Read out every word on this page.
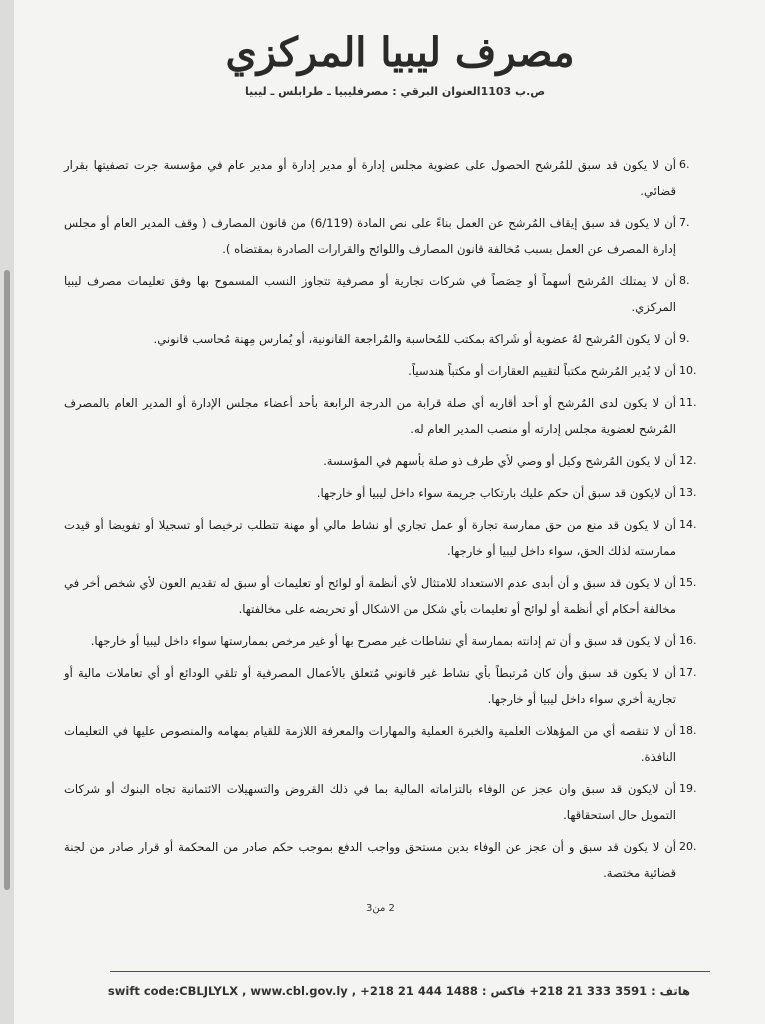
مصرف ليبيا المركزي
ص.ب 1103العنوان البرقي : مصرفليبيا ـ طرابلس ـ ليبيا
6.
أن لا يكون قد سبق للمُرشح الحصول على عضوية مجلس إدارة أو مدير إدارة أو مدير عام في مؤسسة جرت تصفيتها بقرار قضائي.
7.
أن لا يكون قد سبق إيقاف المُرشح عن العمل بناءً على نص المادة (6/119) من قانون المصارف ( وقف المدير العام أو مجلس إدارة المصرف عن العمل بسبب مُخالفة قانون المصارف واللوائح والقرارات الصادرة بمقتضاه ).
8.
أن لا يمتلك المُرشح أسهماً أو حِصَصاً في شركات تجارية أو مصرفية تتجاوز النسب المسموح بها وفق تعليمات مصرف ليبيا المركزي.
9.
أن لا يكون المُرشح لهُ عضوية أو شَراكة بمكتب للمُحاسبة والمُراجعة القانونية، أو يُمارس مِهنة مُحاسب قانوني.
10.
أن لا يُدير المُرشح مكتباً لتقييم العقارات أو مكتباً هندسياً.
11.
أن لا يكون لدى المُرشح أو أحد أقاربه أي صلة قرابة من الدرجة الرابعة بأحد أعضاء مجلس الإدارة أو المدير العام بالمصرف المُرشح لعضوية مجلس إدارته أو منصب المدير العام له.
12.
أن لا يكون المُرشح وكيل أو وصي لأي طرف ذو صلة بأسهم في المؤسسة.
13.
أن لايكون قد سبق أن حكم عليك بارتكاب جريمة سواء داخل ليبيا أو خارجها.
14.
أن لا يكون قد منع من حق ممارسة تجارة أو عمل تجاري أو نشاط مالي أو مهنة تتطلب ترخيصا أو تسجيلا أو تفويضا أو قيدت ممارسته لذلك الحق، سواء داخل ليبيا أو خارجها.
15.
أن لا يكون قد سبق و أن أبدى عدم الاستعداد للامتثال لأي أنظمة أو لوائح أو تعليمات أو سبق له تقديم العون لأي شخص أخر في مخالفة أحكام أي أنظمة أو لوائح أو تعليمات بأي شكل من الاشكال أو تحريضه على مخالفتها.
16.
أن لا يكون قد سبق و أن تم إدانته بممارسة أي نشاطات غير مصرح بها أو غير مرخص بممارستها سواء داخل ليبيا أو خارجها.
17.
أن لا يكون قد سبق وأن كان مُرتبطاً بأي نشاط غير قانوني مُتعلق بالأعمال المصرفية أو تلقي الودائع أو أي تعاملات مالية أو تجارية أخري سواء داخل ليبيا أو خارجها.
18.
أن لا تنقصه أي من المؤهلات العلمية والخبرة العملية والمهارات والمعرفة اللازمة للقيام بمهامه والمنصوص عليها في التعليمات النافذة.
19.
أن لايكون قد سبق وان عجز عن الوفاء بالتزاماته المالية بما في ذلك القروض والتسهيلات الائتمانية تجاه البنوك أو شركات التمويل حال استحقاقها.
20.
أن لا يكون قد سبق و أن عجز عن الوفاء بدين مستحق وواجب الدفع بموجب حكم صادر من المحكمة أو قرار صادر من لجنة قضائية مختصة.
2 من3
هاتف : 3591 333 21 218+ فاكس : 1488 444 21 218+ , swift code:CBLJLYLX , www.cbl.gov.ly
